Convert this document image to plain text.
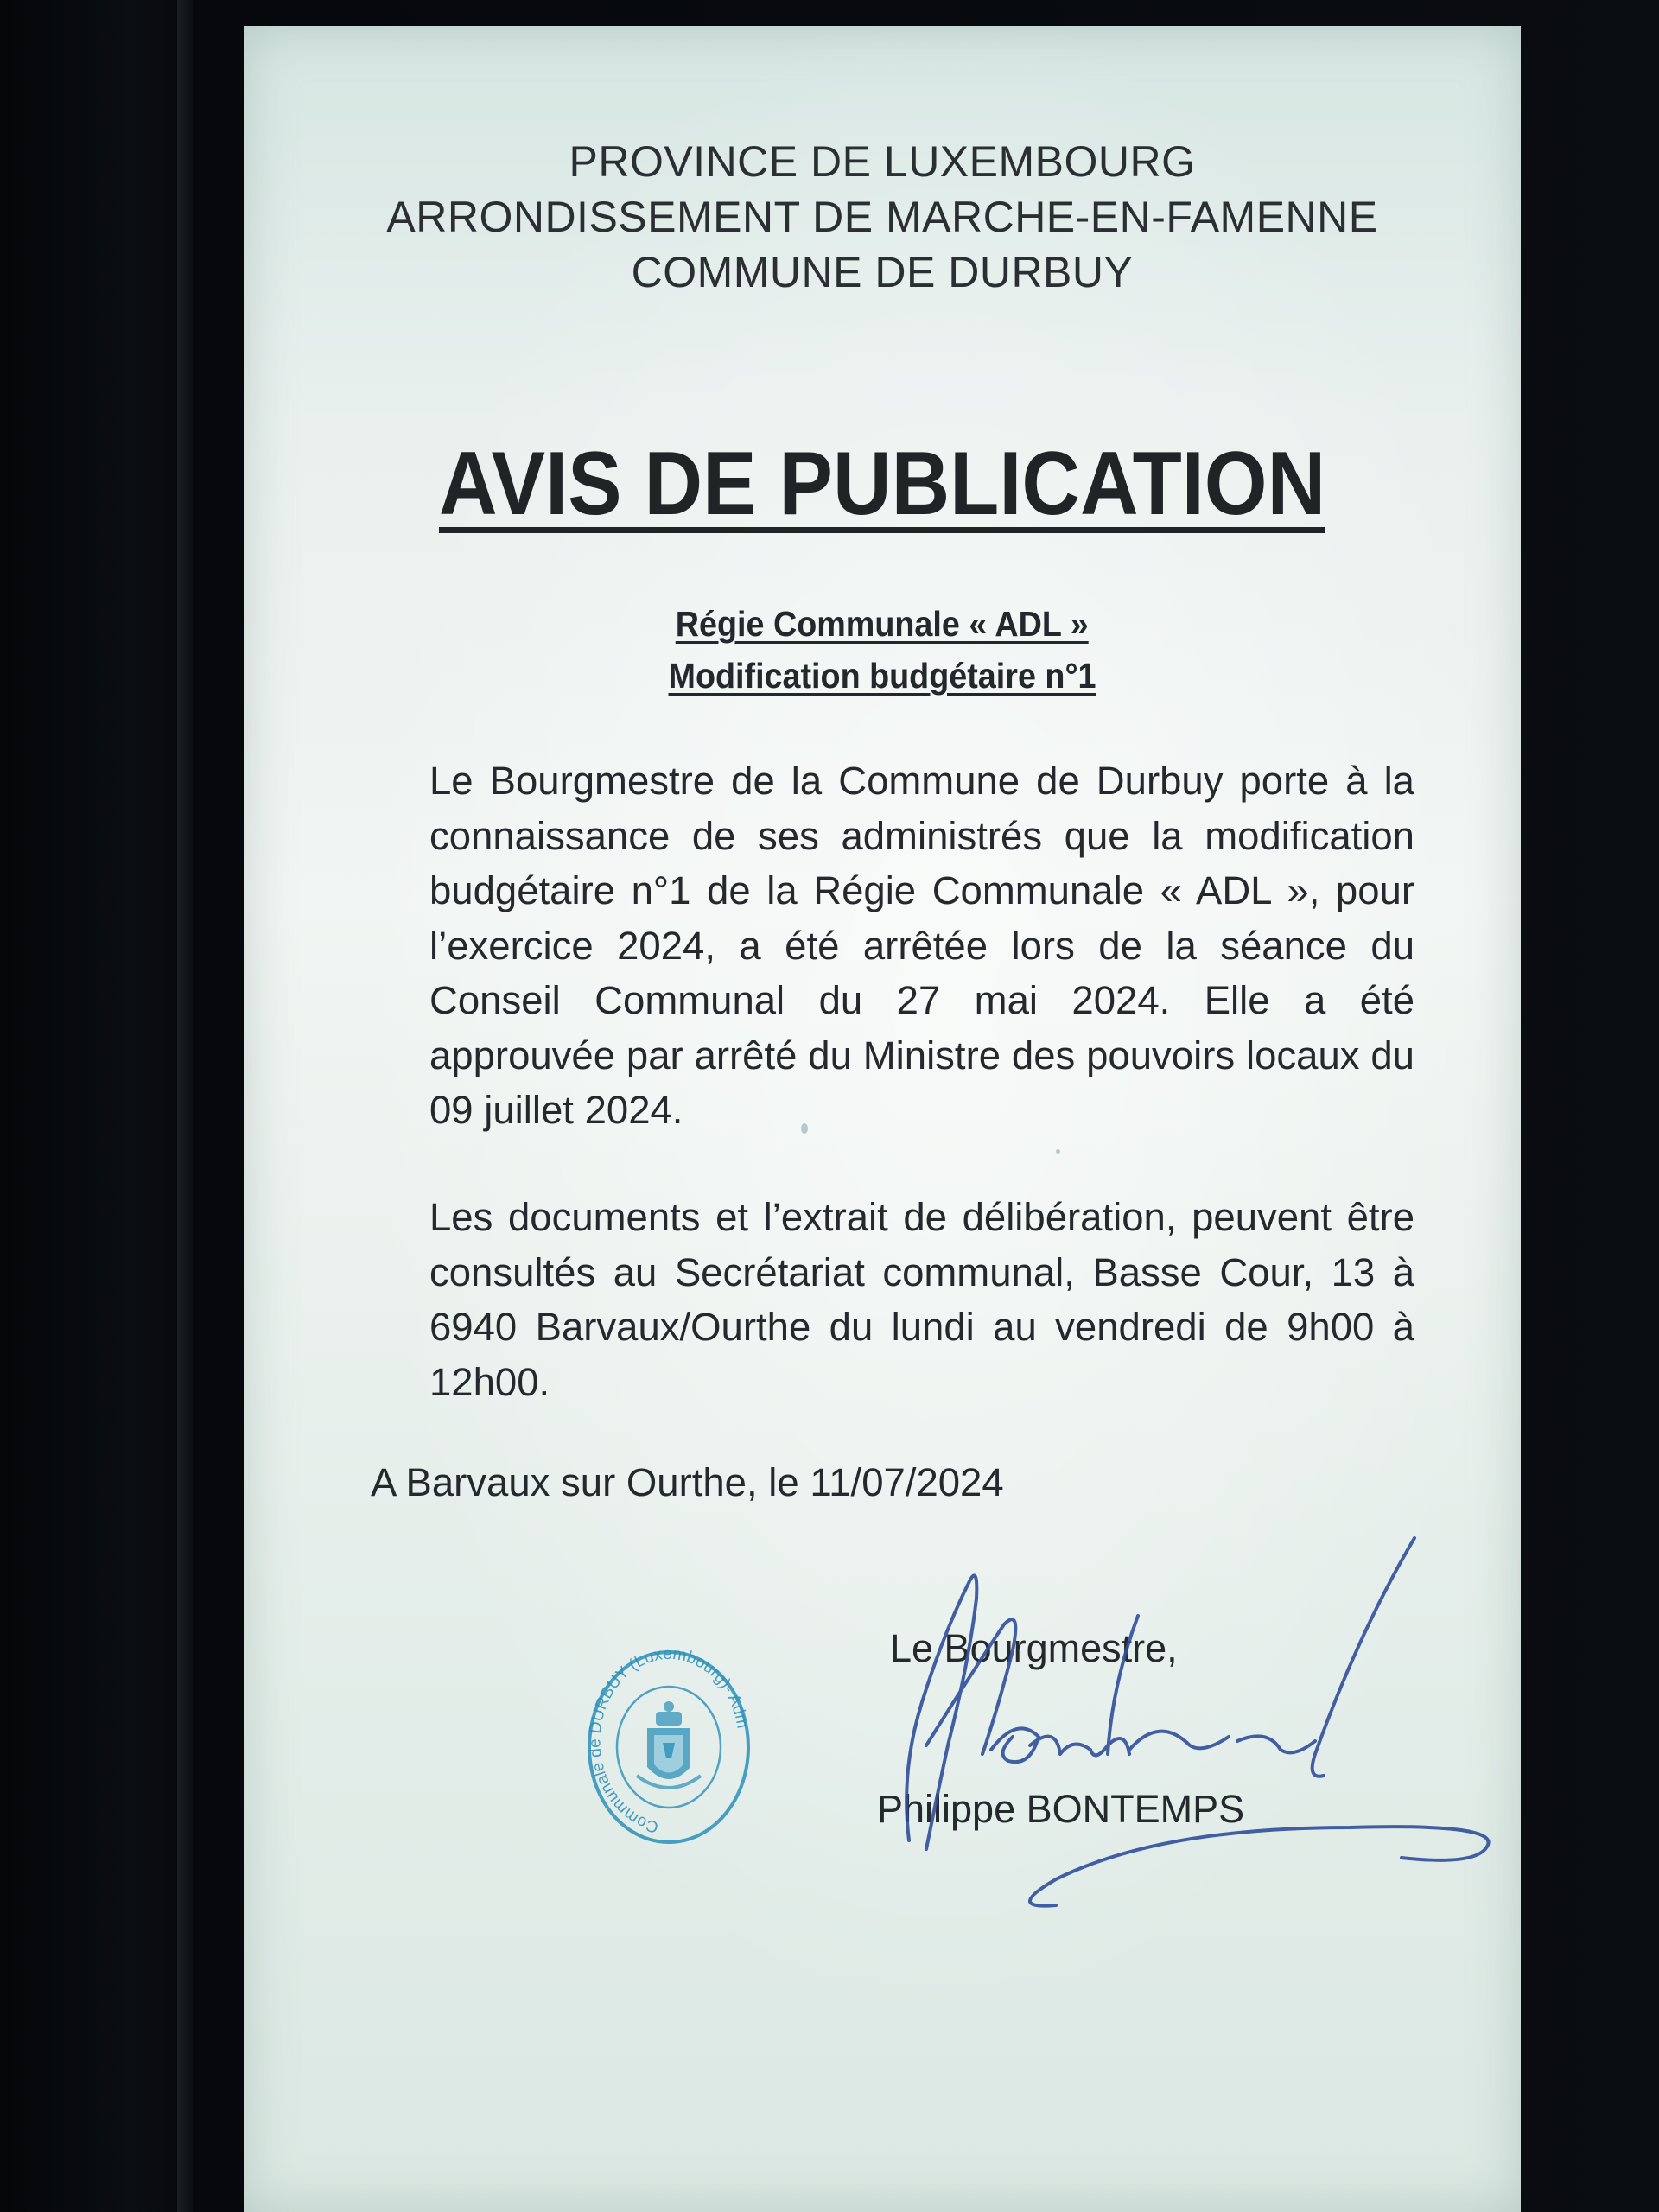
PROVINCE DE LUXEMBOURG
ARRONDISSEMENT DE MARCHE-EN-FAMENNE
COMMUNE DE DURBUY
AVIS DE PUBLICATION
Régie Communale « ADL »
Modification budgétaire n°1
Le Bourgmestre de la Commune de Durbuy porte à la connaissance de ses administrés que la modification budgétaire n°1 de la Régie Communale « ADL », pour l’exercice 2024, a été arrêtée lors de la séance du Conseil Communal du 27 mai 2024. Elle a été approuvée par arrêté du Ministre des pouvoirs locaux du 09 juillet 2024.
Les documents et l’extrait de délibération, peuvent être consultés au Secrétariat communal, Basse Cour, 13 à 6940 Barvaux/Ourthe du lundi au vendredi de 9h00 à 12h00.
A Barvaux sur Ourthe, le 11/07/2024
Communale de DURBUY (Luxembourg)- Adm
Le Bourgmestre,
Philippe BONTEMPS
